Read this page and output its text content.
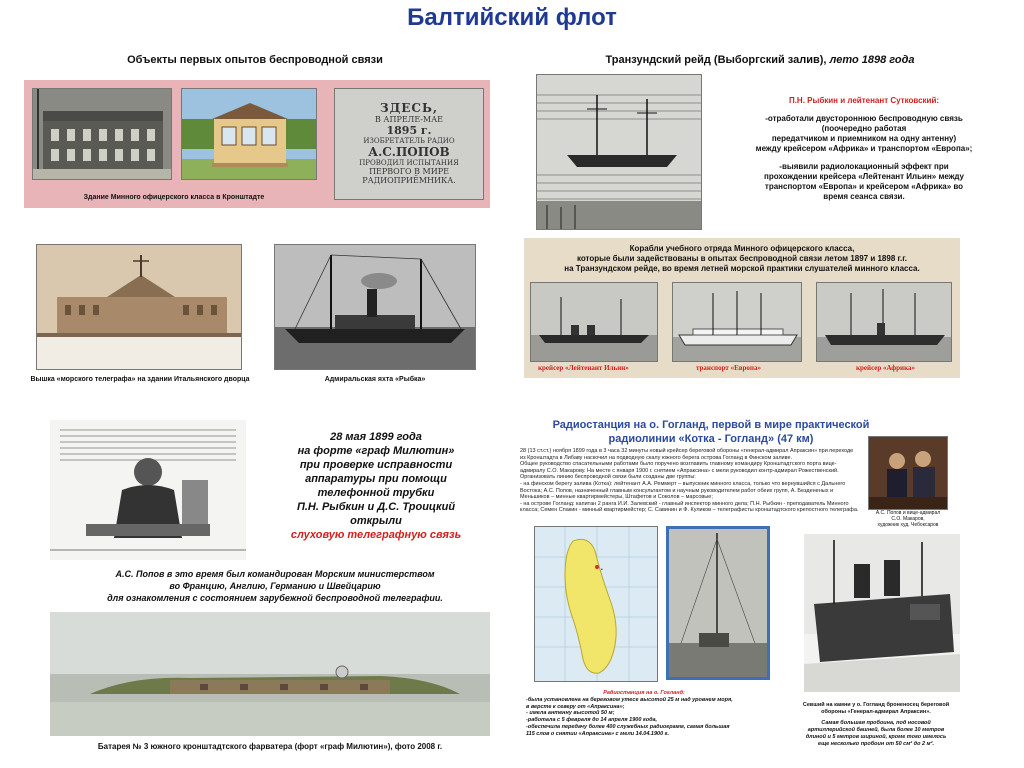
Балтийский флот
Объекты первых опытов беспроводной связи
ЗДЕСЬ,
В АПРЕЛЕ-МАЕ
1895 г.
ИЗОБРЕТАТЕЛЬ РАДИО
А.С.ПОПОВ
ПРОВОДИЛ ИСПЫТАНИЯ
ПЕРВОГО В МИРЕ
РАДИОПРИЁМНИКА.
Здание Минного офицерского класса в Кронштадте
Вышка «морского телеграфа» на здании Итальянского дворца	Адмиральская яхта «Рыбка»
Транзундский рейд (Выборгский залив), лето 1898 года
П.Н. Рыбкин и лейтенант Сутковский:
-отработали двустороннюю беспроводную связь
(поочередно работая
передатчиком и приемником на одну антенну)
между крейсером «Африка» и транспортом «Европа»;
-выявили радиолокационный эффект при
прохождении крейсера «Лейтенант Ильин» между
транспортом «Европа» и крейсером «Африка» во
время сеанса связи.
Корабли учебного отряда Минного офицерского класса,
которые были задействованы в опытах беспроводной связи летом 1897 и 1898 г.г.
на Транзундском рейде, во время летней морской практики слушателей минного класса.
крейсер «Лейтенант Ильин»	транспорт «Европа»	крейсер «Африка»
28 мая 1899 года
на форте «граф Милютин»
при проверке исправности
аппаратуры при помощи
телефонной трубки
П.Н. Рыбкин и Д.С. Троицкий
открыли
слуховую телеграфную связь
А.С. Попов в это время был командирован Морским министерством
во Францию, Англию, Германию и Швейцарию
для ознакомления с состоянием зарубежной беспроводной телеграфии.
Батарея № 3 южного кронштадтского фарватера (форт «граф Милютин»), фото 2008 г.
Радиостанция на о. Гогланд, первой в мире практической
радиолинии «Котка - Гогланд» (47 км)
28 (13 ст.ст.) ноября 1899 года в 3 часа 32 минуты новый крейсер береговой обороны «генерал-адмирал Апраксин» при переходе
из Кронштадта в Либаву наскочил на подводную скалу южного берега острова Гогланд в Финском заливе.
Общее руководство спасательными работами было поручено возглавить главному командиру Кронштадтского порта вице-
адмиралу С.О. Макарову. На месте с января 1900 г. снятием «Апраксина» с мели руководил контр-адмирал Рожественский.
Организовать линию беспроводной связи были созданы две группы:
- на финском берегу залива (Котка): лейтенант А.А. Реммерт – выпускник минного класса, только что вернувшийся с Дальнего
Востока; А.С. Попов, назначенный главным консультантом и научным руководителем работ обеих групп, А. Бездененых и
Меньшиков – минные квартирмейстеры, Штафетов и Соколов – марсовые;
- на острове Гогланд: капитан 2 ранга И.И. Залевский - главный инспектор минного дела; П.Н. Рыбкин - преподаватель Минного
класса; Семен Спакин - минный квартирмейстер; С. Савинин и Ф. Куликов – телеграфисты кронштадтского крепостного телеграфа.	А.С. Попов и вице-адмирал
С.О. Макаров,
художник худ. Чебоксаров
•
Радиостанция на о. Гогланд:
-была установлена на береговом утесе высотой 25 м над уровнем моря,
в версте к северу от «Апраксина»;
- имела антенну высотой 50 м;
-работала с 5 февраля до 14 апреля 1900 года,
-обеспечила передачу более 400 служебных радиограмм, самая большая
115 слов о снятии «Апраксина» с мели 14.04.1900 г.
Севший на камни у о. Гогланд броненосец береговой
обороны «Генерал-адмирал Апраксин».
Самая большая пробоина, под носовой
артиллерийской башней, была более 10 метров
длиной и 5 метров шириной, кроме того имелось
еще несколько пробоин от 50 см² до 2 м².
